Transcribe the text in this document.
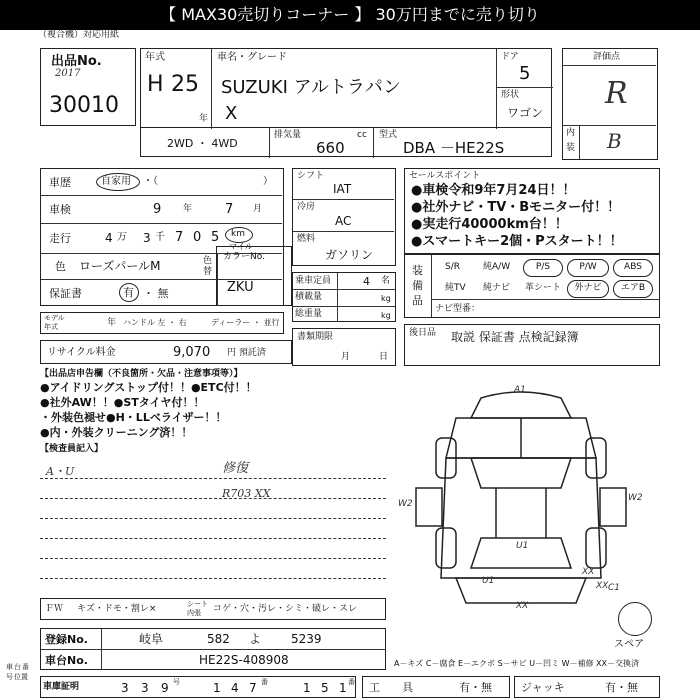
【 MAX30売切りコーナー 】 30万円までに売り切り
（複合機）対応用紙
出品No.
2017
30010
年式
H 25
年
車名・グレード
SUZUKI アルトラパン
X
ドア
5
形状
ワゴン
評価点
R
内
装 B
2WD ・ 4WD
排気量	cc
660
型式
DBA －HE22S
車歴	自家用 ・（	）
車検	9 年	7 月
走行	4 万 3 千 7 0 5 km
マイル
色 ローズパールM	色
替
保証書	有 ・ 無
カラーNo.
ZKU
モデル
年式	年 ハンドル 左 ・ 右	ディーラー ・ 並行
リサイクル料金	9,070 円 預託済
シフト
IAT
冷房
AC
燃料
ガソリン
乗車定員	4 名
積載量	kg
総重量	kg
書類期限
月	日
セールスポイント
●車検令和9年7月24日！！
●社外ナビ・TV・Bモニター付！！
●実走行40000km台！！
●スマートキー2個・Pスタート！！
装
備
品
S/R	純A/W	P/S	P/W	ABS
純TV 純ナビ 革シート	外ナビ	エアB
ナビ型番：
後日品 取説 保証書 点検記録簿
【出品店申告欄（不良箇所・欠品・注意事項等）】
●アイドリングストップ付！！●ETC付！！
●社外AW！！●STタイヤ付！！
・外装色褪せ●H・LLベライザー！！
●内・外装クリーニング済！！
【検査員記入】
A・U	修復
R703 XX
A1
W2
W2
U1
U1
XX
XX
XX C1
スペア
ＦＷ キズ・ドモ・割レ×	シート
内張 コゲ・穴・汚レ・シミ・破レ・スレ
登録No.	岐阜	582 よ 5239
車台No.	HE22S-408908	A－キズ C－腐食 E－エクボ S－サビ U－凹ミ W－補修 XX－交換済
車庫証明	3 3 9 号	1 4 7 番	1 5 1 番 工　　具	有・無	ジャッキ	有・無
車 台 番
号 位置
